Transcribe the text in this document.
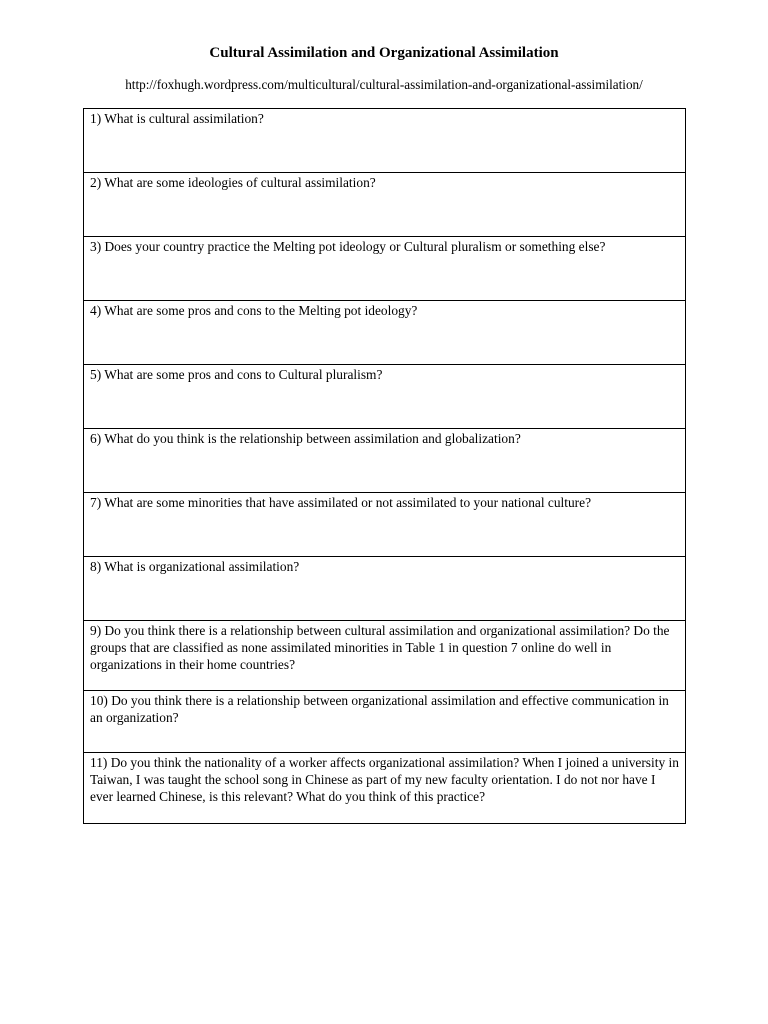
Cultural Assimilation and Organizational Assimilation
http://foxhugh.wordpress.com/multicultural/cultural-assimilation-and-organizational-assimilation/
1) What is cultural assimilation?
2) What are some ideologies of cultural assimilation?
3) Does your country practice the Melting pot ideology or Cultural pluralism or something else?
4) What are some pros and cons to the Melting pot ideology?
5) What are some pros and cons to Cultural pluralism?
6) What do you think is the relationship between assimilation and globalization?
7) What are some minorities that have assimilated or not assimilated to your national culture?
8) What is organizational assimilation?
9) Do you think there is a relationship between cultural assimilation and organizational assimilation? Do the groups that are classified as none assimilated minorities in Table 1 in question 7 online do well in organizations in their home countries?
10) Do you think there is a relationship between organizational assimilation and effective communication in an organization?
11) Do you think the nationality of a worker affects organizational assimilation? When I joined a university in Taiwan, I was taught the school song in Chinese as part of my new faculty orientation. I do not nor have I ever learned Chinese, is this relevant? What do you think of this practice?
